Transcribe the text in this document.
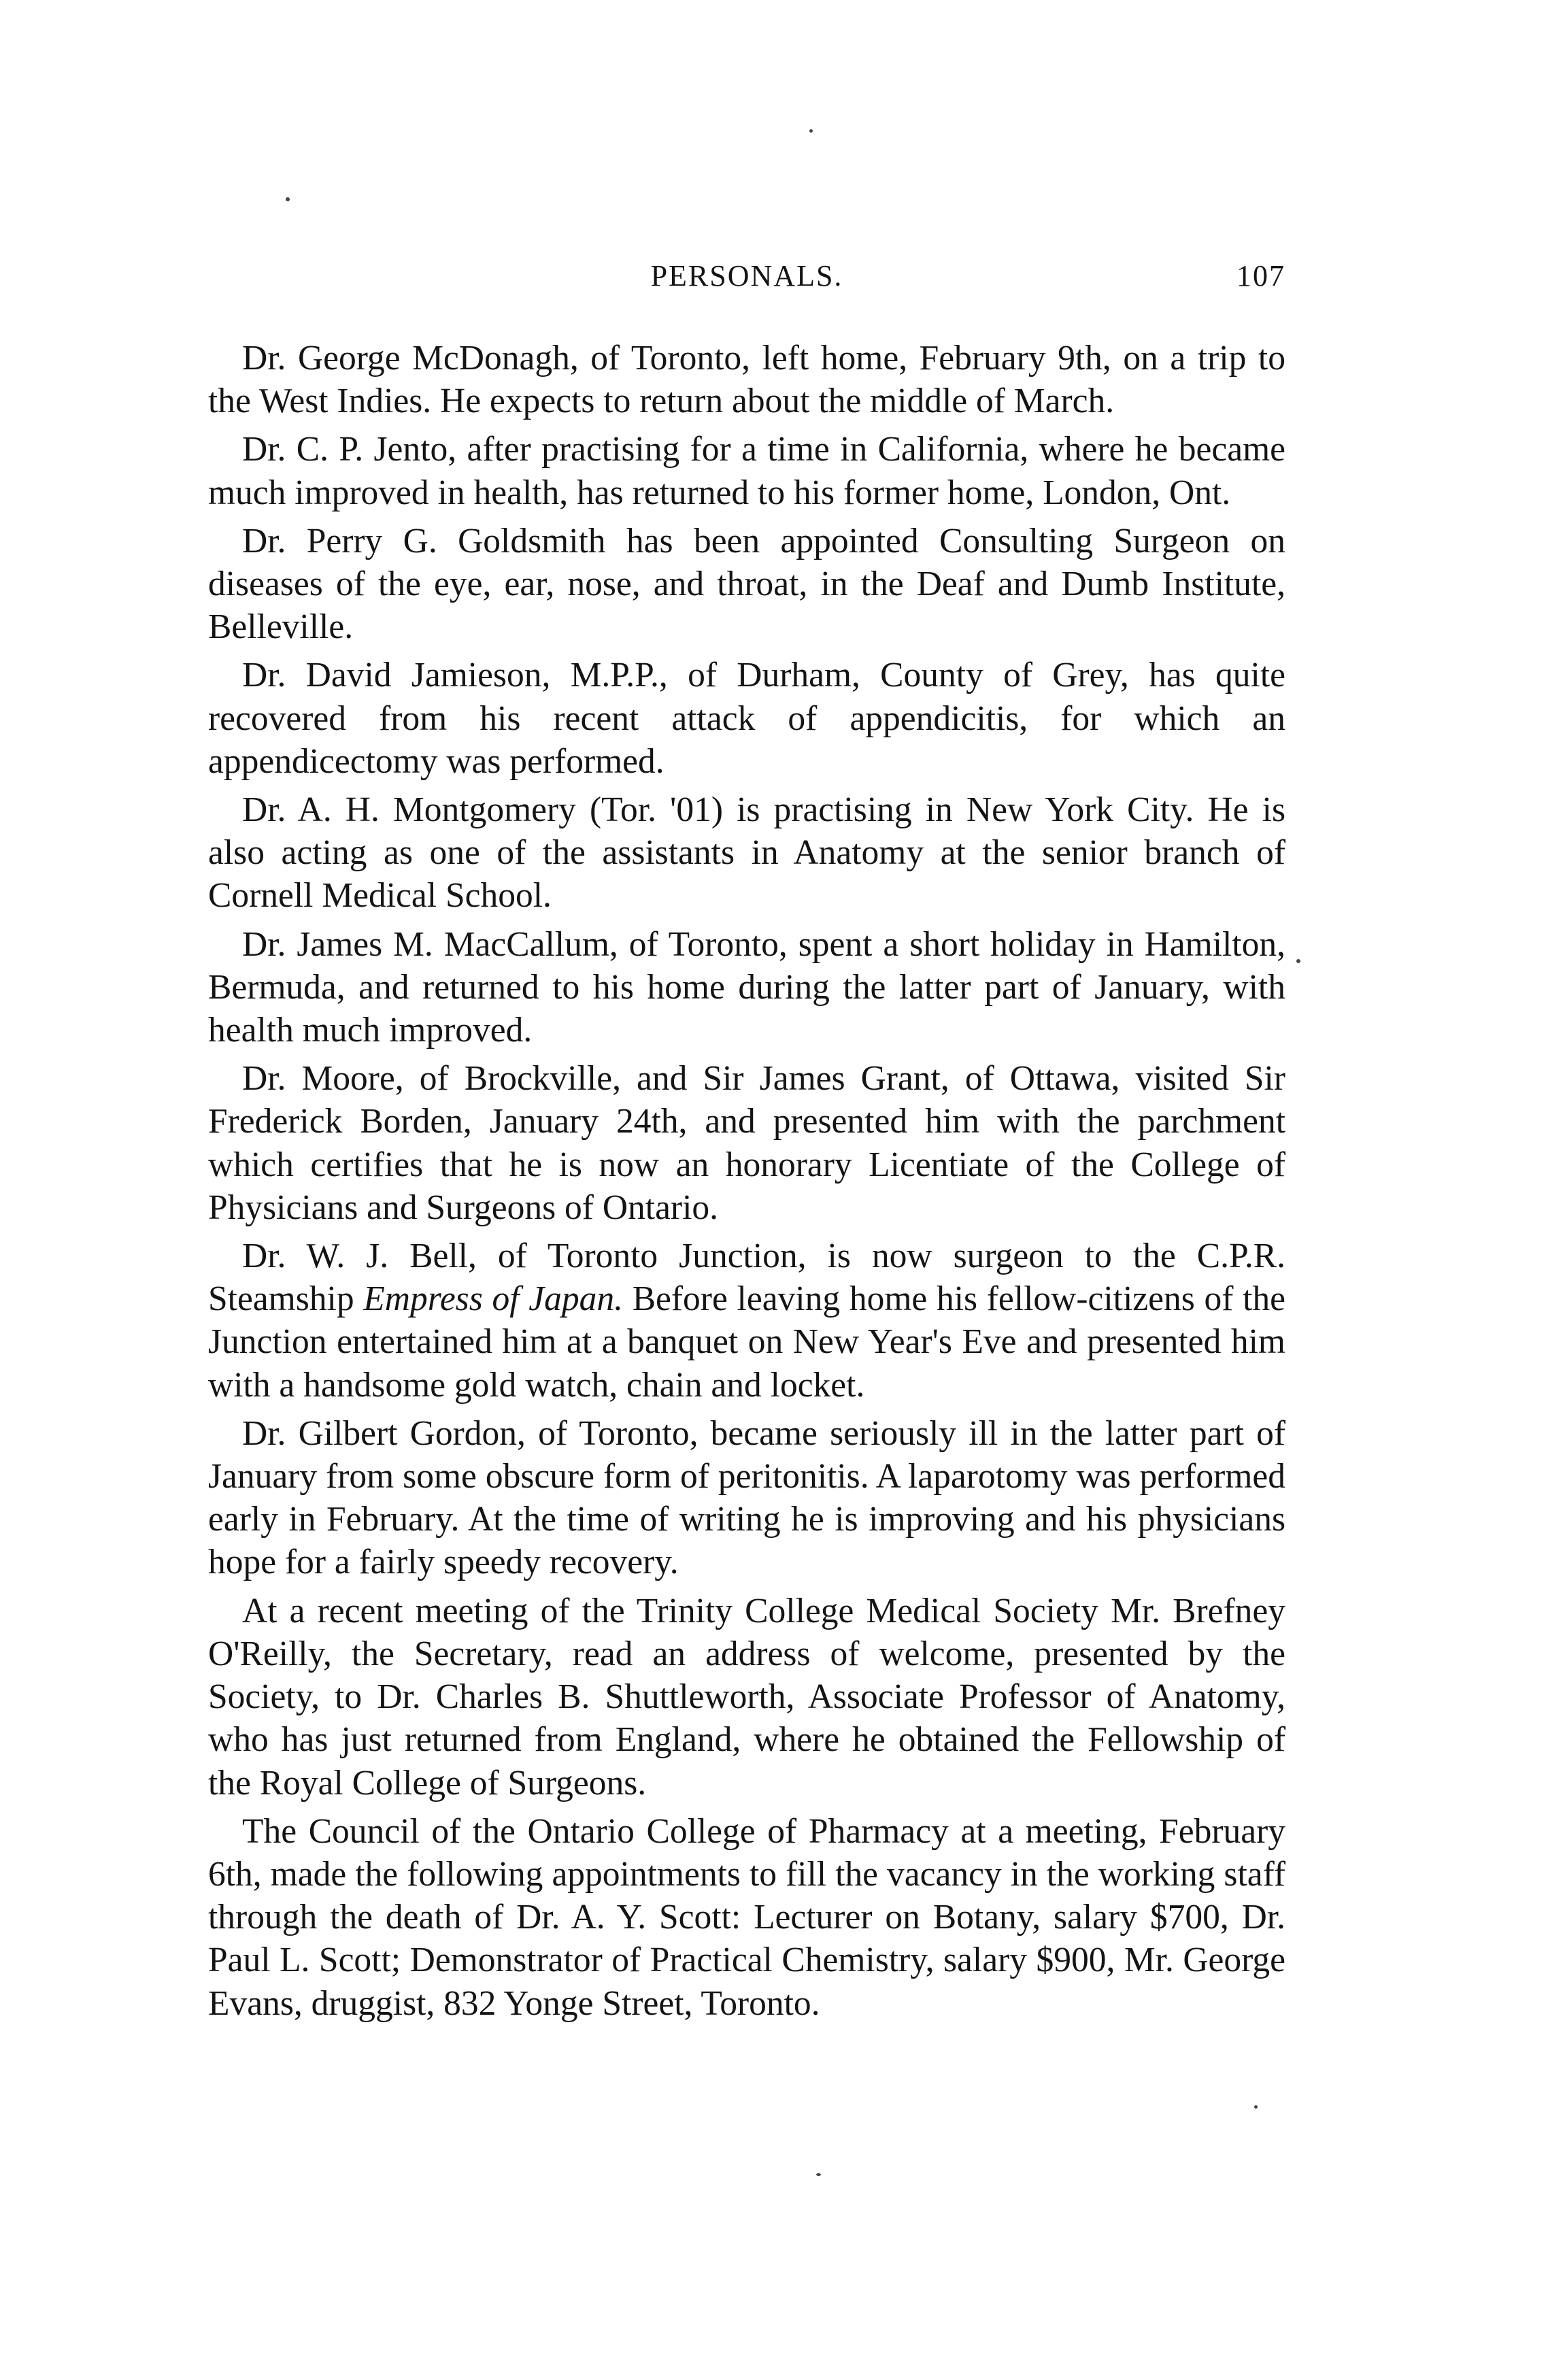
PERSONALS.	107

Dr. George McDonagh, of Toronto, left home, February 9th, on a trip to the West Indies. He expects to return about the middle of March.

Dr. C. P. Jento, after practising for a time in California, where he became much improved in health, has returned to his former home, London, Ont.

Dr. Perry G. Goldsmith has been appointed Consulting Surgeon on diseases of the eye, ear, nose, and throat, in the Deaf and Dumb Institute, Belleville.

Dr. David Jamieson, M.P.P., of Durham, County of Grey, has quite recovered from his recent attack of appendicitis, for which an appendicectomy was performed.

Dr. A. H. Montgomery (Tor. '01) is practising in New York City. He is also acting as one of the assistants in Anatomy at the senior branch of Cornell Medical School.

Dr. James M. MacCallum, of Toronto, spent a short holiday in Hamilton, Bermuda, and returned to his home during the latter part of January, with health much improved.

Dr. Moore, of Brockville, and Sir James Grant, of Ottawa, visited Sir Frederick Borden, January 24th, and presented him with the parchment which certifies that he is now an honorary Licentiate of the College of Physicians and Surgeons of Ontario.

Dr. W. J. Bell, of Toronto Junction, is now surgeon to the C.P.R. Steamship Empress of Japan. Before leaving home his fellow-citizens of the Junction entertained him at a banquet on New Year's Eve and presented him with a handsome gold watch, chain and locket.

Dr. Gilbert Gordon, of Toronto, became seriously ill in the latter part of January from some obscure form of peritonitis. A laparotomy was performed early in February. At the time of writing he is improving and his physicians hope for a fairly speedy recovery.

At a recent meeting of the Trinity College Medical Society Mr. Brefney O'Reilly, the Secretary, read an address of welcome, presented by the Society, to Dr. Charles B. Shuttleworth, Associate Professor of Anatomy, who has just returned from England, where he obtained the Fellowship of the Royal College of Surgeons.

The Council of the Ontario College of Pharmacy at a meeting, February 6th, made the following appointments to fill the vacancy in the working staff through the death of Dr. A. Y. Scott: Lecturer on Botany, salary $700, Dr. Paul L. Scott; Demonstrator of Practical Chemistry, salary $900, Mr. George Evans, druggist, 832 Yonge Street, Toronto.
